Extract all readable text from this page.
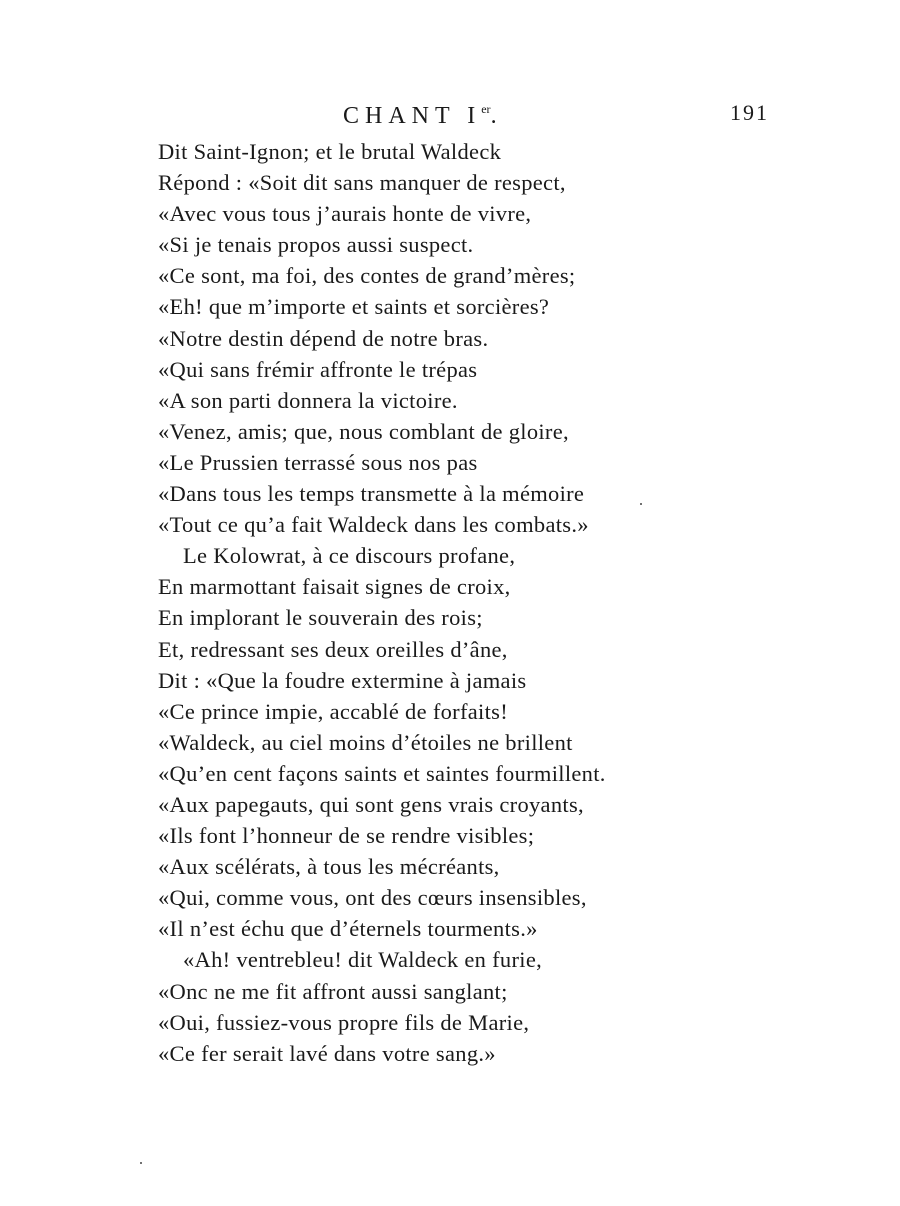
CHANT Ier.	191
Dit Saint-Ignon; et le brutal Waldeck
Répond : «Soit dit sans manquer de respect,
«Avec vous tous j’aurais honte de vivre,
«Si je tenais propos aussi suspect.
«Ce sont, ma foi, des contes de grand’mères;
«Eh! que m’importe et saints et sorcières?
«Notre destin dépend de notre bras.
«Qui sans frémir affronte le trépas
«A son parti donnera la victoire.
«Venez, amis; que, nous comblant de gloire,
«Le Prussien terrassé sous nos pas
«Dans tous les temps transmette à la mémoire
«Tout ce qu’a fait Waldeck dans les combats.»
Le Kolowrat, à ce discours profane,
En marmottant faisait signes de croix,
En implorant le souverain des rois;
Et, redressant ses deux oreilles d’âne,
Dit : «Que la foudre extermine à jamais
«Ce prince impie, accablé de forfaits!
«Waldeck, au ciel moins d’étoiles ne brillent
«Qu’en cent façons saints et saintes fourmillent.
«Aux papegauts, qui sont gens vrais croyants,
«Ils font l’honneur de se rendre visibles;
«Aux scélérats, à tous les mécréants,
«Qui, comme vous, ont des cœurs insensibles,
«Il n’est échu que d’éternels tourments.»
«Ah! ventrebleu! dit Waldeck en furie,
«Onc ne me fit affront aussi sanglant;
«Oui, fussiez-vous propre fils de Marie,
«Ce fer serait lavé dans votre sang.»
